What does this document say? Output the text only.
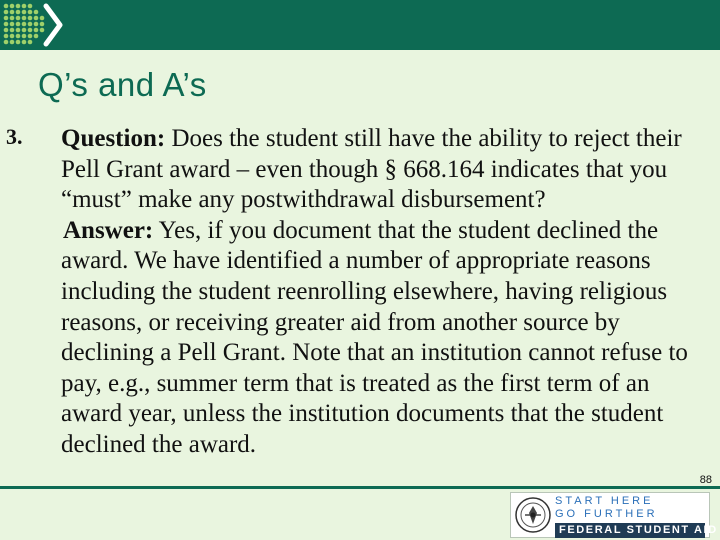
Q’s and A’s
3. Question: Does the student still have the ability to reject their Pell Grant award – even though § 668.164 indicates that you “must” make any postwithdrawal disbursement?

Answer: Yes, if you document that the student declined the award. We have identified a number of appropriate reasons including the student reenrolling elsewhere, having religious reasons, or receiving greater aid from another source by declining a Pell Grant. Note that an institution cannot refuse to pay, e.g., summer term that is treated as the first term of an award year, unless the institution documents that the student declined the award.

88
START HERE
GO FURTHER
FEDERAL STUDENT AID
